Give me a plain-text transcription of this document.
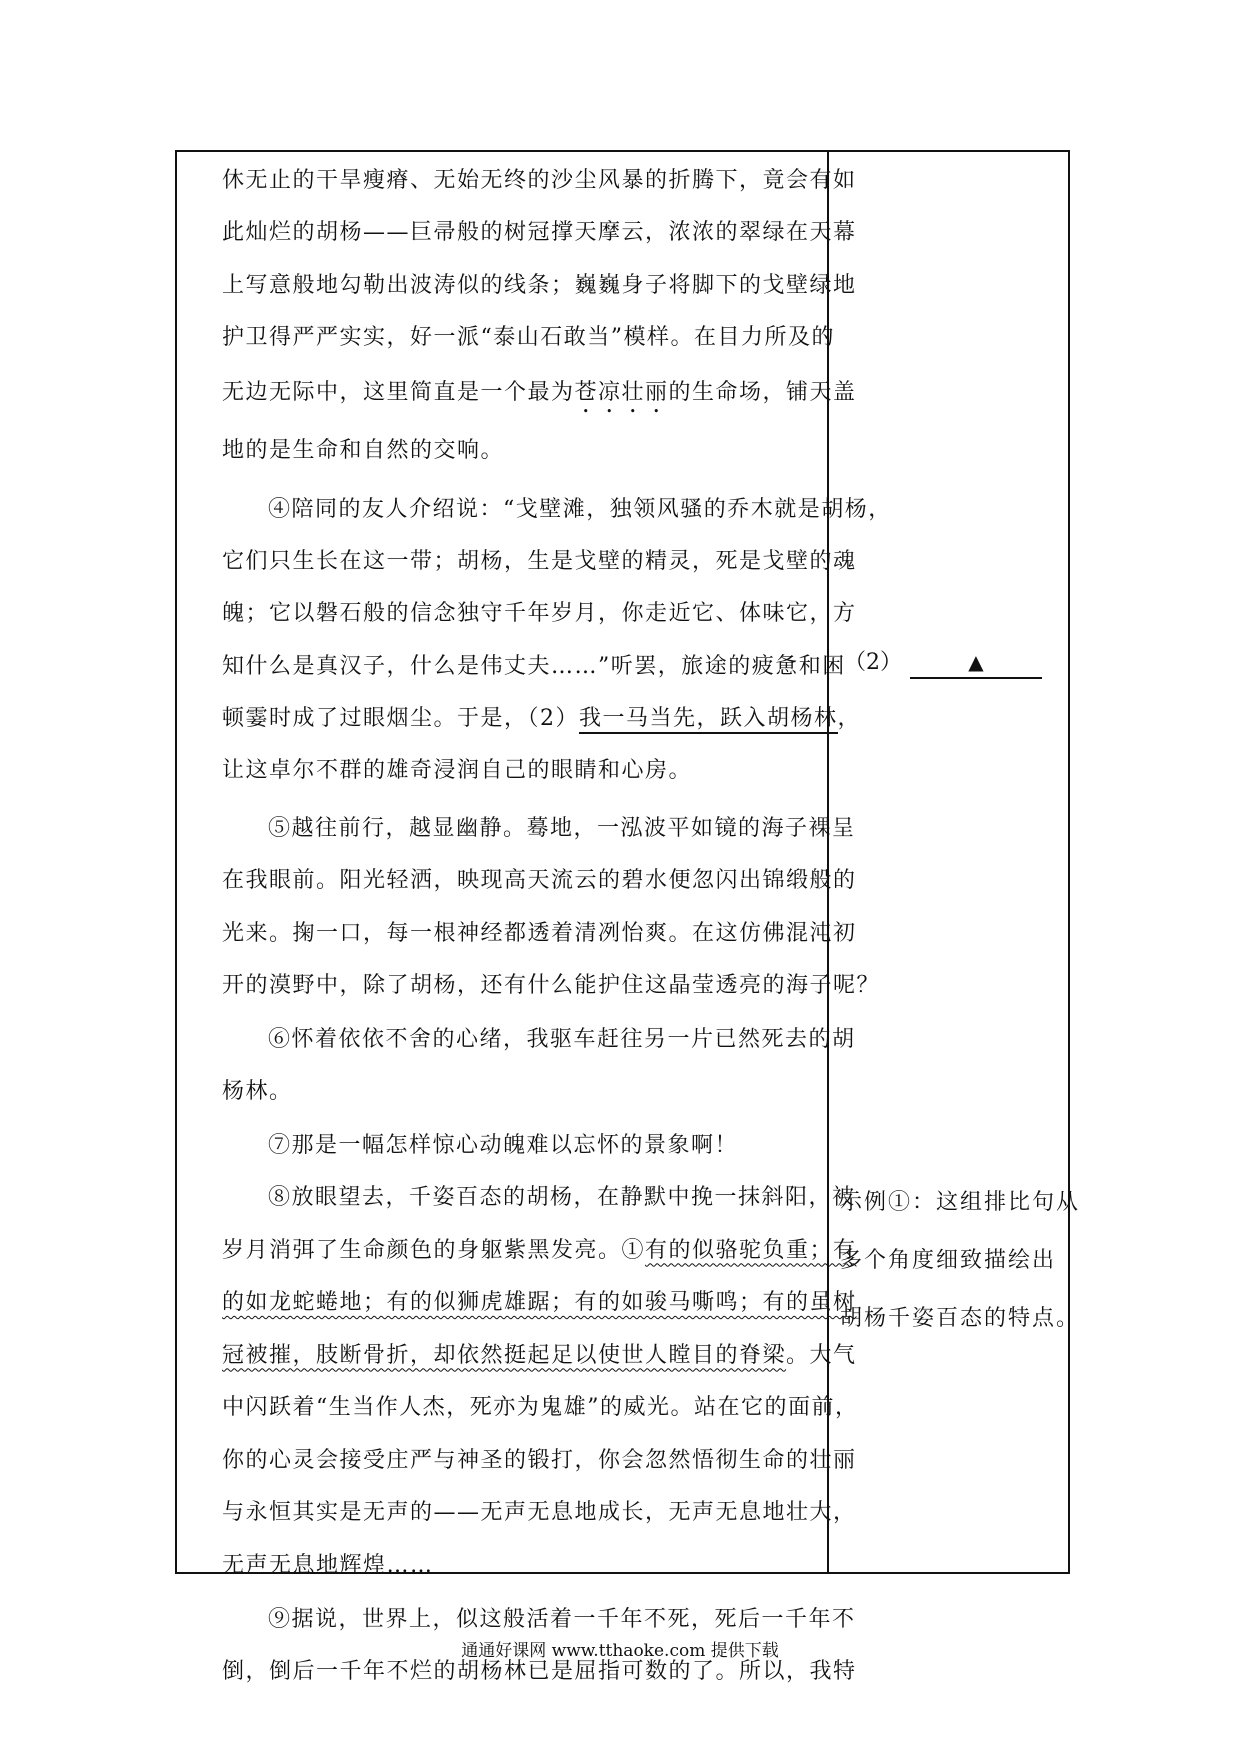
休无止的干旱瘦瘠、无始无终的沙尘风暴的折腾下，竟会有如
此灿烂的胡杨——巨帚般的树冠撑天摩云，浓浓的翠绿在天幕
上写意般地勾勒出波涛似的线条；巍巍身子将脚下的戈壁绿地
护卫得严严实实，好一派“泰山石敢当”模样。在目力所及的
无边无际中，这里简直是一个最为苍凉壮丽的生命场，铺天盖
地的是生命和自然的交响。
④陪同的友人介绍说：“戈壁滩，独领风骚的乔木就是胡杨，
它们只生长在这一带；胡杨，生是戈壁的精灵，死是戈壁的魂
魄；它以磐石般的信念独守千年岁月，你走近它、体味它，方
知什么是真汉子，什么是伟丈夫……”听罢，旅途的疲惫和困
顿霎时成了过眼烟尘。于是，（2）我一马当先，跃入胡杨林，
让这卓尔不群的雄奇浸润自己的眼睛和心房。
⑤越往前行，越显幽静。蓦地，一泓波平如镜的海子裸呈
在我眼前。阳光轻洒，映现高天流云的碧水便忽闪出锦缎般的
光来。掬一口，每一根神经都透着清冽怡爽。在这仿佛混沌初
开的漠野中，除了胡杨，还有什么能护住这晶莹透亮的海子呢？
⑥怀着依依不舍的心绪，我驱车赶往另一片已然死去的胡
杨林。
⑦那是一幅怎样惊心动魄难以忘怀的景象啊！
⑧放眼望去，千姿百态的胡杨，在静默中挽一抹斜阳，被
岁月消弭了生命颜色的身躯紫黑发亮。①有的似骆驼负重；有
的如龙蛇蜷地；有的似狮虎雄踞；有的如骏马嘶鸣；有的虽树
冠被摧，肢断骨折，却依然挺起足以使世人瞠目的脊梁。大气
中闪跃着“生当作人杰，死亦为鬼雄”的威光。站在它的面前，
你的心灵会接受庄严与神圣的锻打，你会忽然悟彻生命的壮丽
与永恒其实是无声的——无声无息地成长，无声无息地壮大，
无声无息地辉煌……
⑨据说，世界上，似这般活着一千年不死，死后一千年不
倒，倒后一千年不烂的胡杨林已是屈指可数的了。所以，我特
（2）	▲
示例①：这组排比句从
多个角度细致描绘出
胡杨千姿百态的特点。
通通好课网 www.tthaoke.com 提供下载
